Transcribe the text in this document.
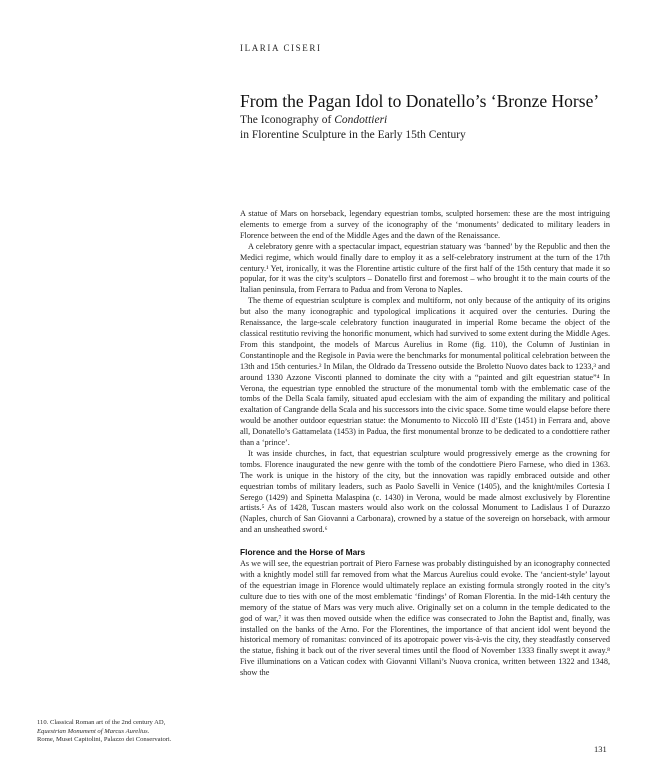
ILARIA CISERI
From the Pagan Idol to Donatello’s ‘Bronze Horse’
The Iconography of Condottieri
in Florentine Sculpture in the Early 15th Century

A statue of Mars on horseback, legendary equestrian tombs, sculpted horsemen: these are the most intriguing elements to emerge from a survey of the iconography of the ‘monuments’ dedicated to military leaders in Florence between the end of the Middle Ages and the dawn of the Renaissance.

A celebratory genre with a spectacular impact, equestrian statuary was ‘banned’ by the Republic and then the Medici regime, which would finally dare to employ it as a self-celebratory instrument at the turn of the 17th century.¹ Yet, ironically, it was the Florentine artistic culture of the first half of the 15th century that made it so popular, for it was the city’s sculptors – Donatello first and foremost – who brought it to the main courts of the Italian peninsula, from Ferrara to Padua and from Verona to Naples.

The theme of equestrian sculpture is complex and multiform, not only because of the antiquity of its origins but also the many iconographic and typological implications it acquired over the centuries. During the Renaissance, the large-scale celebratory function inaugurated in imperial Rome became the object of the classical restitutio reviving the honorific monument, which had survived to some extent during the Middle Ages. From this standpoint, the models of Marcus Aurelius in Rome (fig. 110), the Column of Justinian in Constantinople and the Regisole in Pavia were the benchmarks for monumental political celebration between the 13th and 15th centuries.² In Milan, the Oldrado da Tresseno outside the Broletto Nuovo dates back to 1233,³ and around 1330 Azzone Visconti planned to dominate the city with a “painted and gilt equestrian statue”⁴ In Verona, the equestrian type ennobled the structure of the monumental tomb with the emblematic case of the tombs of the Della Scala family, situated apud ecclesiam with the aim of expanding the military and political exaltation of Cangrande della Scala and his successors into the civic space. Some time would elapse before there would be another outdoor equestrian statue: the Monumento to Niccolò III d’Este (1451) in Ferrara and, above all, Donatello’s Gattamelata (1453) in Padua, the first monumental bronze to be dedicated to a condottiere rather than a ‘prince’.

It was inside churches, in fact, that equestrian sculpture would progressively emerge as the crowning for tombs. Florence inaugurated the new genre with the tomb of the condottiere Piero Farnese, who died in 1363. The work is unique in the history of the city, but the innovation was rapidly embraced outside and other equestrian tombs of military leaders, such as Paolo Savelli in Venice (1405), and the knight/miles Cortesia I Serego (1429) and Spinetta Malaspina (c. 1430) in Verona, would be made almost exclusively by Florentine artists.⁵ As of 1428, Tuscan masters would also work on the colossal Monument to Ladislaus I of Durazzo (Naples, church of San Giovanni a Carbonara), crowned by a statue of the sovereign on horseback, with armour and an unsheathed sword.⁶

Florence and the Horse of Mars

As we will see, the equestrian portrait of Piero Farnese was probably distinguished by an iconography connected with a knightly model still far removed from what the Marcus Aurelius could evoke. The ‘ancient-style’ layout of the equestrian image in Florence would ultimately replace an existing formula strongly rooted in the city’s culture due to ties with one of the most emblematic ‘findings’ of Roman Florentia. In the mid-14th century the memory of the statue of Mars was very much alive. Originally set on a column in the temple dedicated to the god of war,⁷ it was then moved outside when the edifice was consecrated to John the Baptist and, finally, was installed on the banks of the Arno. For the Florentines, the importance of that ancient idol went beyond the historical memory of romanitas: convinced of its apotropaic power vis-à-vis the city, they steadfastly conserved the statue, fishing it back out of the river several times until the flood of November 1333 finally swept it away.⁸ Five illuminations on a Vatican codex with Giovanni Villani’s Nuova cronica, written between 1322 and 1348, show the

110. Classical Roman art of the 2nd century AD,
Equestrian Monument of Marcus Aurelius.
Rome, Musei Capitolini, Palazzo dei Conservatori.
131
